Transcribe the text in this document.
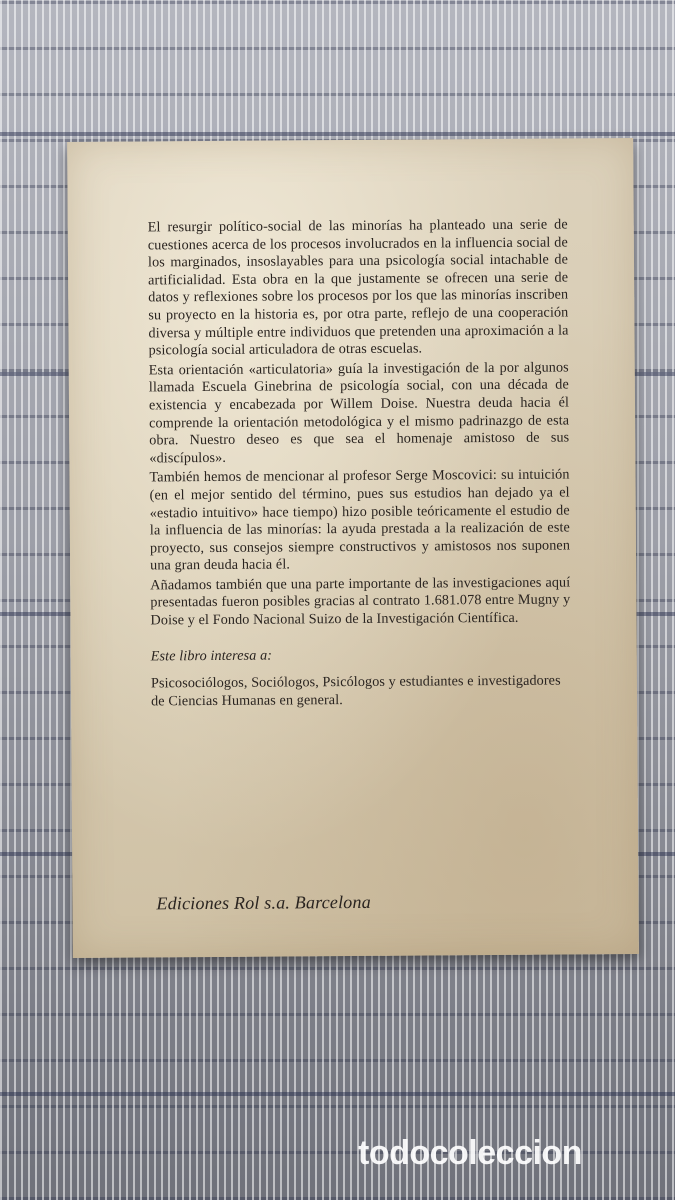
El resurgir político-social de las minorías ha planteado una serie de cuestiones acerca de los procesos involucrados en la influencia social de los marginados, insoslayables para una psicología social intachable de artificialidad. Esta obra en la que justamente se ofrecen una serie de datos y reflexiones sobre los procesos por los que las minorías inscriben su proyecto en la historia es, por otra parte, reflejo de una cooperación diversa y múltiple entre individuos que pretenden una aproximación a la psicología social articuladora de otras escuelas.

Esta orientación «articulatoria» guía la investigación de la por algunos llamada Escuela Ginebrina de psicología social, con una década de existencia y encabezada por Willem Doise. Nuestra deuda hacia él comprende la orientación metodológica y el mismo padrinazgo de esta obra. Nuestro deseo es que sea el homenaje amistoso de sus «discípulos».

También hemos de mencionar al profesor Serge Moscovici: su intuición (en el mejor sentido del término, pues sus estudios han dejado ya el «estadio intuitivo» hace tiempo) hizo posible teóricamente el estudio de la influencia de las minorías: la ayuda prestada a la realización de este proyecto, sus consejos siempre constructivos y amistosos nos suponen una gran deuda hacia él.

Añadamos también que una parte importante de las investigaciones aquí presentadas fueron posibles gracias al contrato 1.681.078 entre Mugny y Doise y el Fondo Nacional Suizo de la Investigación Científica.

Este libro interesa a:

Psicosociólogos, Sociólogos, Psicólogos y estudiantes e investigadores de Ciencias Humanas en general.

Ediciones Rol s.a. Barcelona
todocoleccion
